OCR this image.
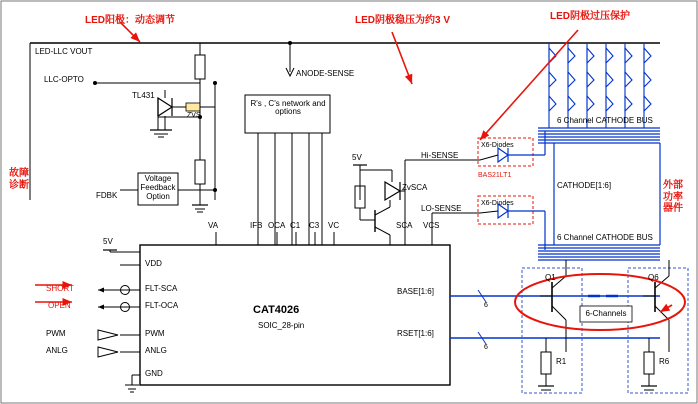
LED阳极：动态调节	LED阴极稳压为约3 V	LED阴极过压保护
故障诊断	外部功率器件
LED-LLC VOUT
LLC-OPTO
ANODE-SENSE
TL431
ZVS
R's , C's network and options
FDBK
Voltage Feedback Option
Hi-SENSE
LO-SENSE
ZvSCA
X6-Diodes
X6-Diodes
BAS21LT1
6 Channel CATHODE BUS
6 Channel CATHODE BUS
CATHODE[1:6]
BASE[1:6]
RSET[1:6]
6
6
6-Channels
Q1	Q6
R1	R6
5V
5V
CAT4026
SOIC_28-pin
VA	IFB OCA C1 C3 VC	SCA VCS
VDD
FLT-SCA
FLT-OCA
PWM
ANLG
GND
SHORT
OPEN
PWM
ANLG
